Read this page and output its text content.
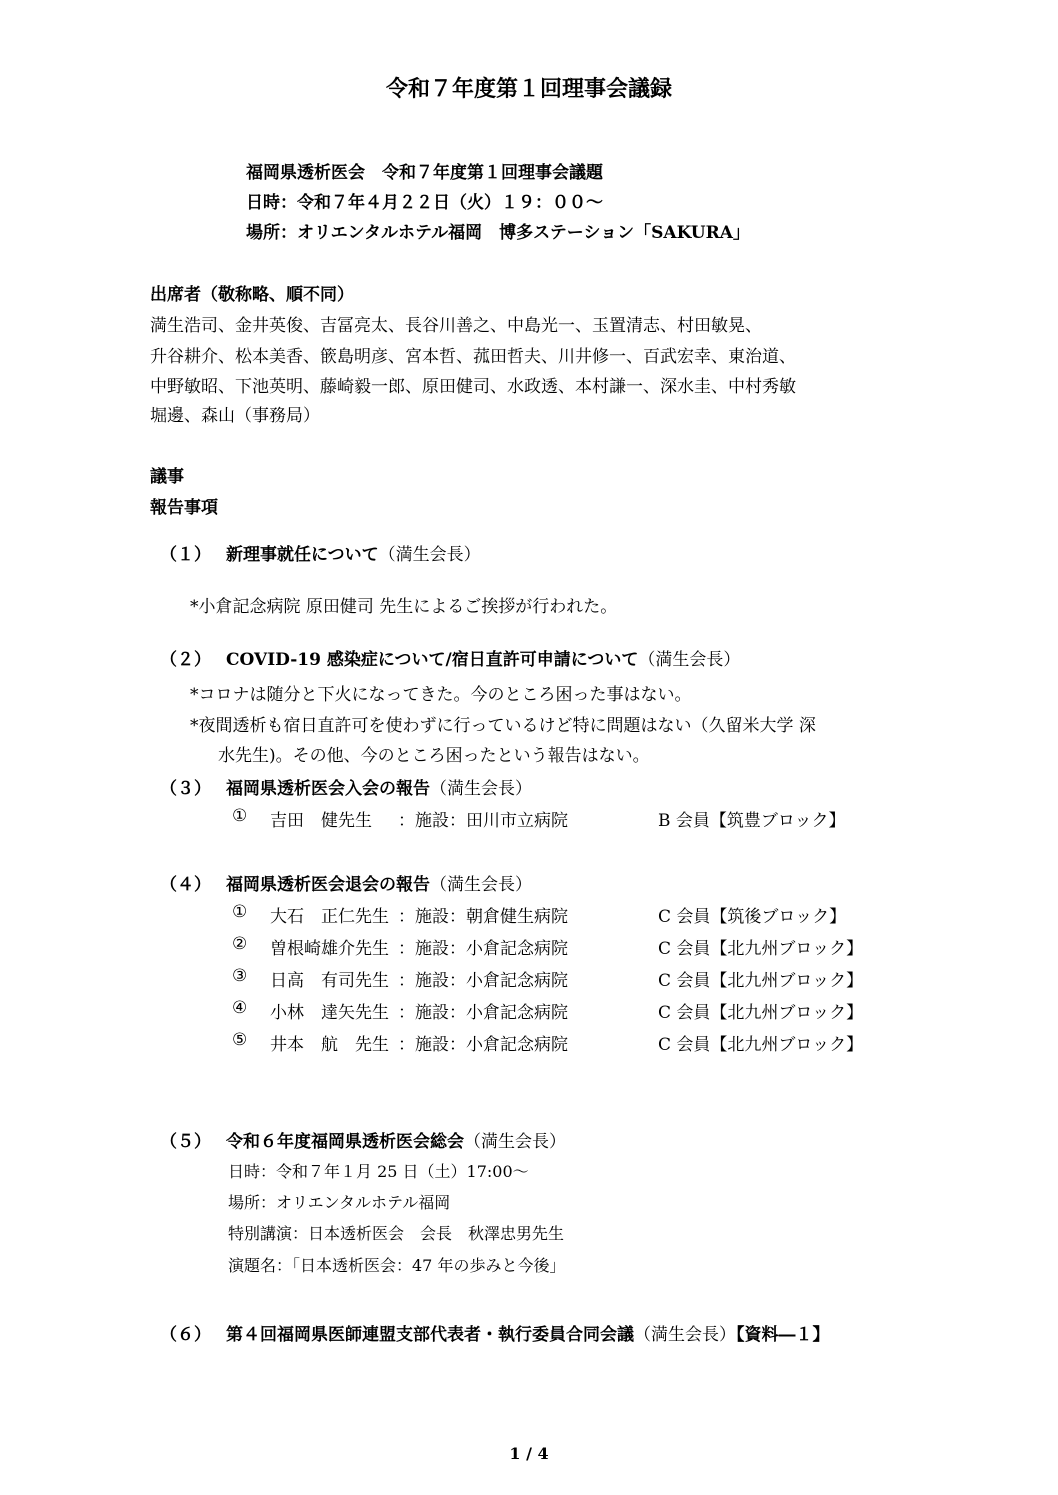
令和７年度第１回理事会議録
福岡県透析医会　令和７年度第１回理事会議題
日時：令和７年４月２２日（火）１９：００～
場所：オリエンタルホテル福岡　博多ステーション「SAKURA」
出席者（敬称略、順不同）
満生浩司、金井英俊、吉冨亮太、長谷川善之、中島光一、玉置清志、村田敏晃、
升谷耕介、松本美香、篏島明彦、宮本哲、菰田哲夫、川井修一、百武宏幸、東治道、
中野敏昭、下池英明、藤崎毅一郎、原田健司、水政透、本村謙一、深水圭、中村秀敏
堀邊、森山（事務局）
議事
報告事項
（１） 新理事就任について（満生会長）
*小倉記念病院 原田健司 先生によるご挨拶が行われた。
（２） COVID-19 感染症について/宿日直許可申請について（満生会長）
*コロナは随分と下火になってきた。今のところ困った事はない。
*夜間透析も宿日直許可を使わずに行っているけど特に問題はない（久留米大学 深
水先生)。その他、今のところ困ったという報告はない。
（３） 福岡県透析医会入会の報告（満生会長）
① 吉田　健先生 ：施設：田川市立病院	B 会員【筑豊ブロック】
（４） 福岡県透析医会退会の報告（満生会長）
① 大石　正仁先生 ：施設：朝倉健生病院	C 会員【筑後ブロック】
② 曽根崎雄介先生 ：施設：小倉記念病院	C 会員【北九州ブロック】
③ 日高　有司先生 ：施設：小倉記念病院	C 会員【北九州ブロック】
④ 小林　達矢先生 ：施設：小倉記念病院	C 会員【北九州ブロック】
⑤ 井本　航　先生 ：施設：小倉記念病院	C 会員【北九州ブロック】
（５） 令和６年度福岡県透析医会総会（満生会長）
日時：令和７年１月 25 日（土）17:00～
場所：オリエンタルホテル福岡
特別講演：日本透析医会　会長　秋澤忠男先生
演題名：「日本透析医会：47 年の歩みと今後」
（６） 第４回福岡県医師連盟支部代表者・執行委員合同会議（満生会長）【資料―１】
1 / 4
